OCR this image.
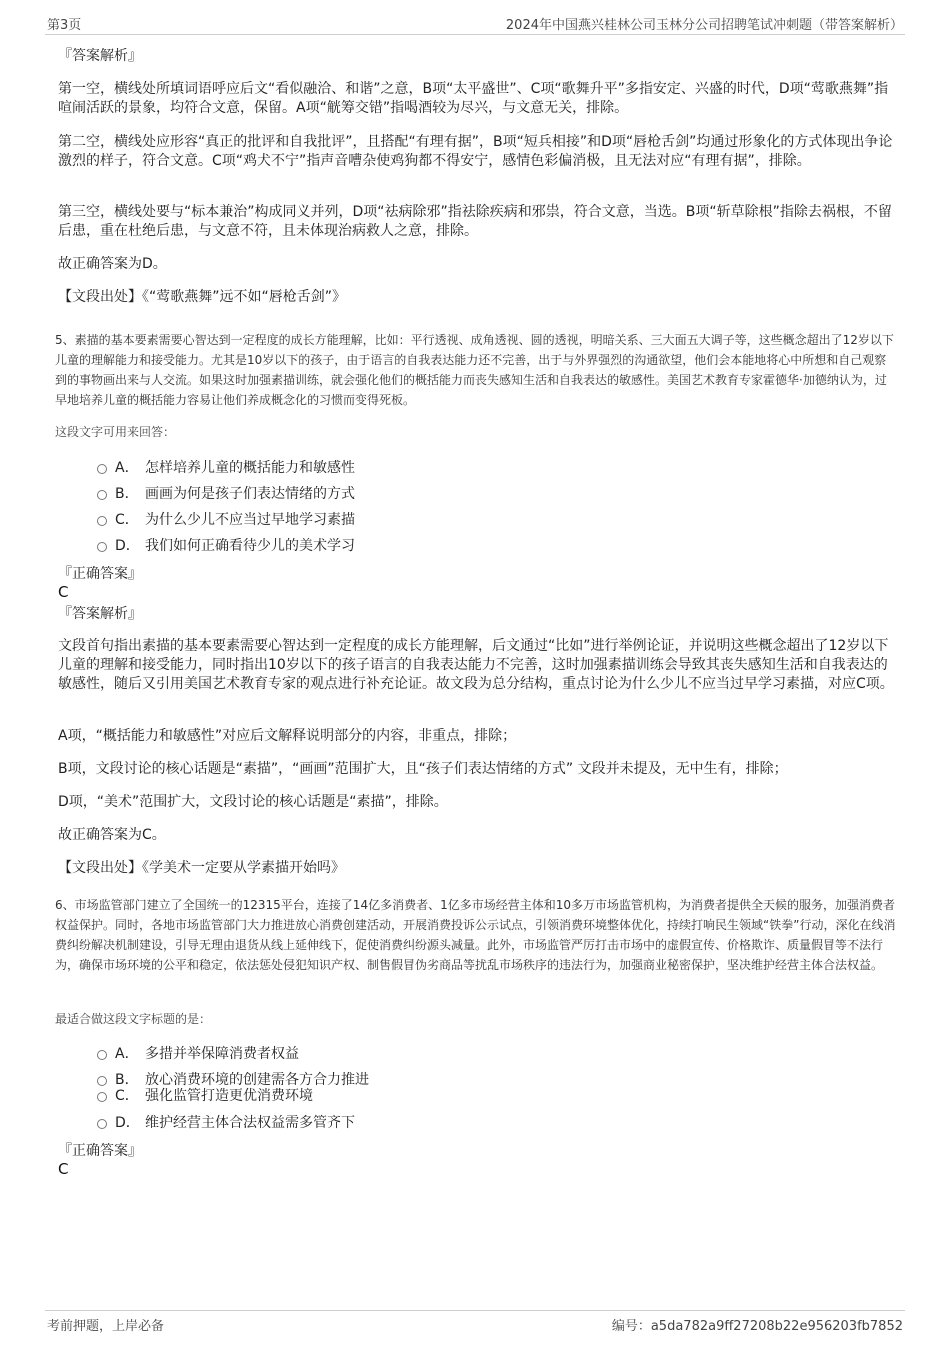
第3页	2024年中国燕兴桂林公司玉林分公司招聘笔试冲刺题（带答案解析）
『答案解析』
第一空，横线处所填词语呼应后文“看似融洽、和谐”之意，B项“太平盛世”、C项“歌舞升平”多指安定、兴盛的时代，D项“莺歌燕舞”指喧闹活跃的景象，均符合文意，保留。A项“觥筹交错”指喝酒较为尽兴，与文意无关，排除。
第二空，横线处应形容“真正的批评和自我批评”，且搭配“有理有据”，B项“短兵相接”和D项“唇枪舌剑”均通过形象化的方式体现出争论激烈的样子，符合文意。C项“鸡犬不宁”指声音嘈杂使鸡狗都不得安宁，感情色彩偏消极，且无法对应“有理有据”，排除。
第三空，横线处要与“标本兼治”构成同义并列，D项“祛病除邪”指祛除疾病和邪祟，符合文意，当选。B项“斩草除根”指除去祸根，不留后患，重在杜绝后患，与文意不符，且未体现治病救人之意，排除。
故正确答案为D。
【文段出处】《“莺歌燕舞”远不如“唇枪舌剑”》
5、素描的基本要素需要心智达到一定程度的成长方能理解，比如：平行透视、成角透视、圆的透视，明暗关系、三大面五大调子等，这些概念超出了12岁以下儿童的理解能力和接受能力。尤其是10岁以下的孩子，由于语言的自我表达能力还不完善，出于与外界强烈的沟通欲望，他们会本能地将心中所想和自己观察到的事物画出来与人交流。如果这时加强素描训练，就会强化他们的概括能力而丧失感知生活和自我表达的敏感性。美国艺术教育专家霍德华·加德纳认为，过早地培养儿童的概括能力容易让他们养成概念化的习惯而变得死板。
这段文字可用来回答：
A． 怎样培养儿童的概括能力和敏感性
B． 画画为何是孩子们表达情绪的方式
C． 为什么少儿不应当过早地学习素描
D． 我们如何正确看待少儿的美术学习
『正确答案』
C
『答案解析』
文段首句指出素描的基本要素需要心智达到一定程度的成长方能理解，后文通过“比如”进行举例论证，并说明这些概念超出了12岁以下儿童的理解和接受能力，同时指出10岁以下的孩子语言的自我表达能力不完善，这时加强素描训练会导致其丧失感知生活和自我表达的敏感性，随后又引用美国艺术教育专家的观点进行补充论证。故文段为总分结构，重点讨论为什么少儿不应当过早学习素描，对应C项。
A项，“概括能力和敏感性”对应后文解释说明部分的内容，非重点，排除；
B项，文段讨论的核心话题是“素描”，“画画”范围扩大，且“孩子们表达情绪的方式” 文段并未提及，无中生有，排除；
D项，“美术”范围扩大，文段讨论的核心话题是“素描”，排除。
故正确答案为C。
【文段出处】《学美术一定要从学素描开始吗》
6、市场监管部门建立了全国统一的12315平台，连接了14亿多消费者、1亿多市场经营主体和10多万市场监管机构，为消费者提供全天候的服务，加强消费者权益保护。同时，各地市场监管部门大力推进放心消费创建活动，开展消费投诉公示试点，引领消费环境整体优化，持续打响民生领域“铁拳”行动，深化在线消费纠纷解决机制建设，引导无理由退货从线上延伸线下，促使消费纠纷源头减量。此外，市场监管严厉打击市场中的虚假宣传、价格欺诈、质量假冒等不法行为，确保市场环境的公平和稳定，依法惩处侵犯知识产权、制售假冒伪劣商品等扰乱市场秩序的违法行为，加强商业秘密保护，坚决维护经营主体合法权益。
最适合做这段文字标题的是：
A． 多措并举保障消费者权益
B． 放心消费环境的创建需各方合力推进
C． 强化监管打造更优消费环境
D． 维护经营主体合法权益需多管齐下
『正确答案』
C
考前押题，上岸必备	编号：a5da782a9ff27208b22e956203fb7852
